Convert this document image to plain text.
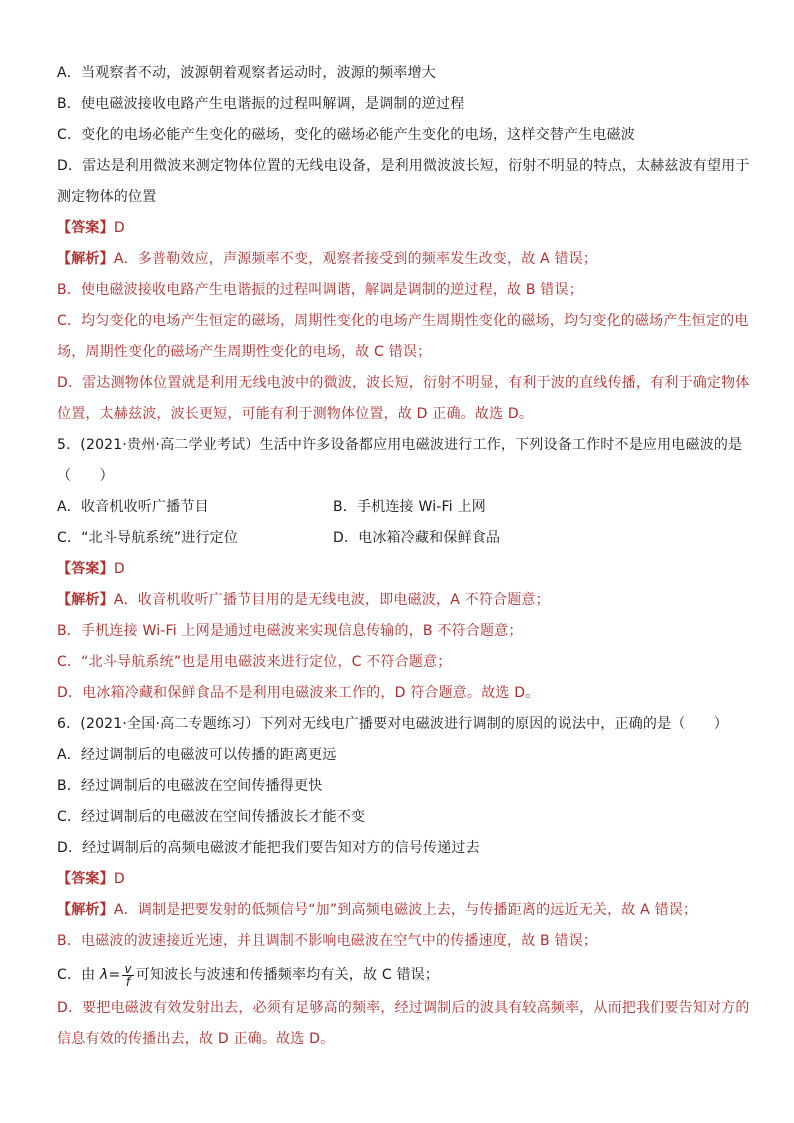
A．当观察者不动，波源朝着观察者运动时，波源的频率增大
B．使电磁波接收电路产生电谐振的过程叫解调，是调制的逆过程
C．变化的电场必能产生变化的磁场，变化的磁场必能产生变化的电场，这样交替产生电磁波
D．雷达是利用微波来测定物体位置的无线电设备，是利用微波波长短，衍射不明显的特点，太赫兹波有望用于
测定物体的位置
【答案】D
【解析】A．多普勒效应，声源频率不变，观察者接受到的频率发生改变，故 A 错误；
B．使电磁波接收电路产生电谐振的过程叫调谐，解调是调制的逆过程，故 B 错误；
C．均匀变化的电场产生恒定的磁场，周期性变化的电场产生周期性变化的磁场，均匀变化的磁场产生恒定的电
场，周期性变化的磁场产生周期性变化的电场，故 C 错误；
D．雷达测物体位置就是利用无线电波中的微波，波长短，衍射不明显，有利于波的直线传播，有利于确定物体
位置，太赫兹波，波长更短，可能有利于测物体位置，故 D 正确。故选 D。
5．(2021·贵州·高二学业考试）生活中许多设备都应用电磁波进行工作，下列设备工作时不是应用电磁波的是
（　　）
A．收音机收听广播节目	B．手机连接 Wi-Fi 上网
C．“北斗导航系统”进行定位	D．电冰箱冷藏和保鲜食品
【答案】D
【解析】A．收音机收听广播节目用的是无线电波，即电磁波，A 不符合题意；
B．手机连接 Wi-Fi 上网是通过电磁波来实现信息传输的，B 不符合题意；
C．“北斗导航系统”也是用电磁波来进行定位，C 不符合题意；
D．电冰箱冷藏和保鲜食品不是利用电磁波来工作的，D 符合题意。故选 D。
6．(2021·全国·高二专题练习）下列对无线电广播要对电磁波进行调制的原因的说法中，正确的是（　　）
A．经过调制后的电磁波可以传播的距离更远
B．经过调制后的电磁波在空间传播得更快
C．经过调制后的电磁波在空间传播波长才能不变
D．经过调制后的高频电磁波才能把我们要告知对方的信号传递过去
【答案】D
【解析】A．调制是把要发射的低频信号“加”到高频电磁波上去，与传播距离的远近无关，故 A 错误；
B．电磁波的波速接近光速，并且调制不影响电磁波在空气中的传播速度，故 B 错误；
C．由 $\lambda= \frac{v}{f}$ 可知波长与波速和传播频率均有关，故 C 错误；
D．要把电磁波有效发射出去，必须有足够高的频率，经过调制后的波具有较高频率，从而把我们要告知对方的
信息有效的传播出去，故 D 正确。故选 D。
